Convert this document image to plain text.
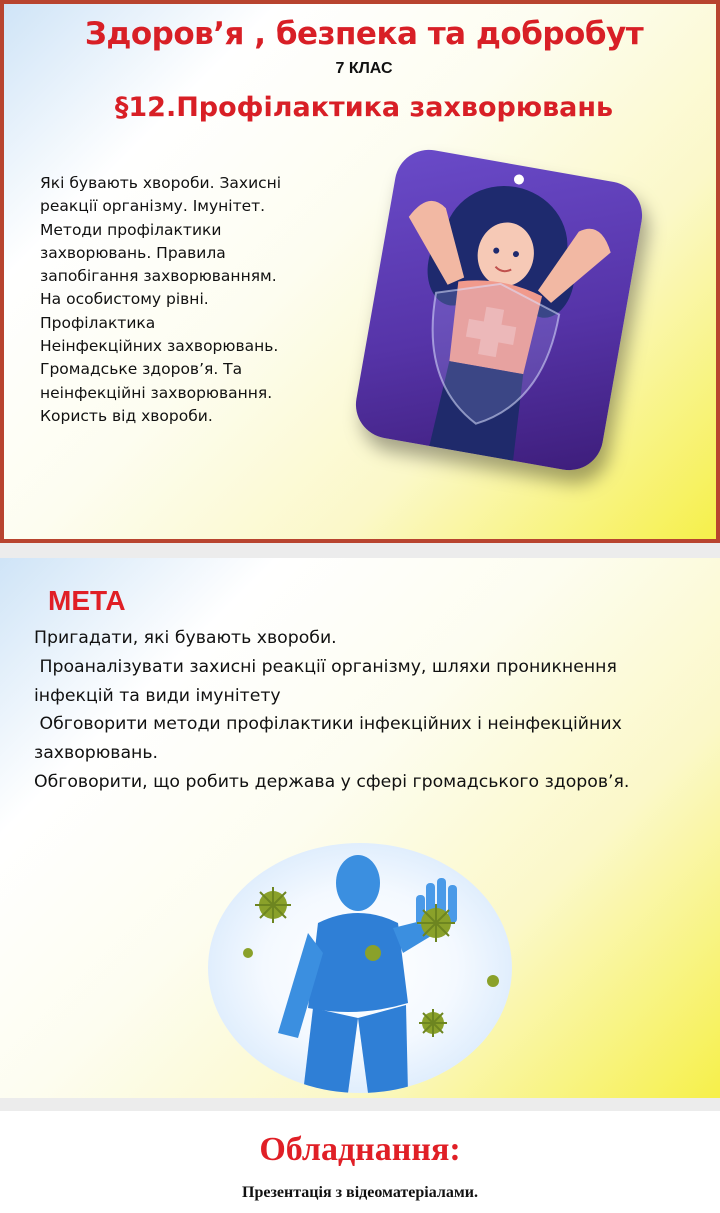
Здоров’я , безпека та добробут
7 КЛАС
§12.Профілактика захворювань
Які бувають хвороби. Захисні
реакції організму. Імунітет.
Методи профілактики
захворювань. Правила
запобігання захворюванням.
На особистому рівні.
Профілактика
Неінфекційних захворювань.
Громадське здоров’я. Та
неінфекційні захворювання.
Користь від хвороби.
МЕТА
Пригадати, які бувають хвороби.
Проаналізувати захисні реакції організму, шляхи проникнення
інфекцій та види імунітету
Обговорити методи профілактики інфекційних і неінфекційних
захворювань.
Обговорити, що робить держава у сфері громадського здоров’я.
Обладнання:
Презентація з відеоматеріалами.
